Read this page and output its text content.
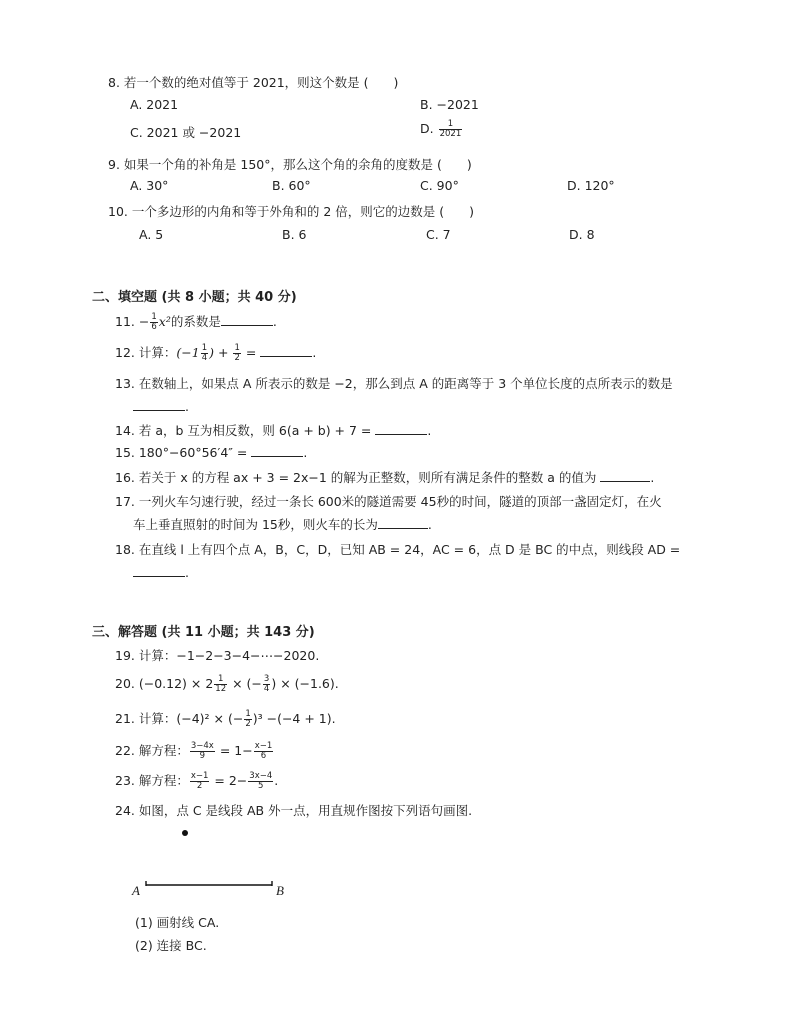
8. 若一个数的绝对值等于 2021，则这个数是 (　　)
A. 2021	B. −2021
C. 2021 或 −2021	D. $\frac{1}{2021}$
9. 如果一个角的补角是 150°，那么这个角的余角的度数是 (　　)
A. 30°	B. 60°	C. 90°	D. 120°
10. 一个多边形的内角和等于外角和的 2 倍，则它的边数是 (　　)
A. 5	B. 6	C. 7	D. 8
二、填空题 (共 8 小题；共 40 分)
11. − $\frac{1}{6} x^2$的系数是	.
12. 计算：($-1 \frac{1}{4}$ ) + $\frac{1}{2}$ =	.
13. 在数轴上，如果点 A 所表示的数是 −2，那么到点 A 的距离等于 3 个单位长度的点所表示的数是
.
14. 若 a，b 互为相反数，则 6(a + b) + 7 =	.
15. 180°−60°56′4″ =	.
16. 若关于 x 的方程 ax + 3 = 2x−1 的解为正整数，则所有满足条件的整数 a 的值为	.
17. 一列火车匀速行驶，经过一条长 600米的隧道需要 45秒的时间，隧道的顶部一盏固定灯，在火
车上垂直照射的时间为 15秒，则火车的长为	.
18. 在直线 l 上有四个点 A，B，C，D，已知 AB = 24，AC = 6，点 D 是 BC 的中点，则线段 AD =
.
三、解答题 (共 11 小题；共 143 分)
19. 计算：−1−2−3−4−⋯−2020.
20. $(-0.12) \times 2 \frac{1}{12}$ × (− $\frac{3}{4}$ ) × (−1.6).
21. 计算：(−4)² × (− $\frac{1}{2} )^3 -(-4 + 1)$.
22. 解方程： $\frac{3-4x}{9} = 1- \frac{x-1}{6}$
23. 解方程： $\frac{x-1}{2} = 2- \frac{3x-4}{5}$ .
24. 如图，点 C 是线段 AB 外一点，用直规作图按下列语句画图.
A	B
(1) 画射线 CA.
(2) 连接 BC.
